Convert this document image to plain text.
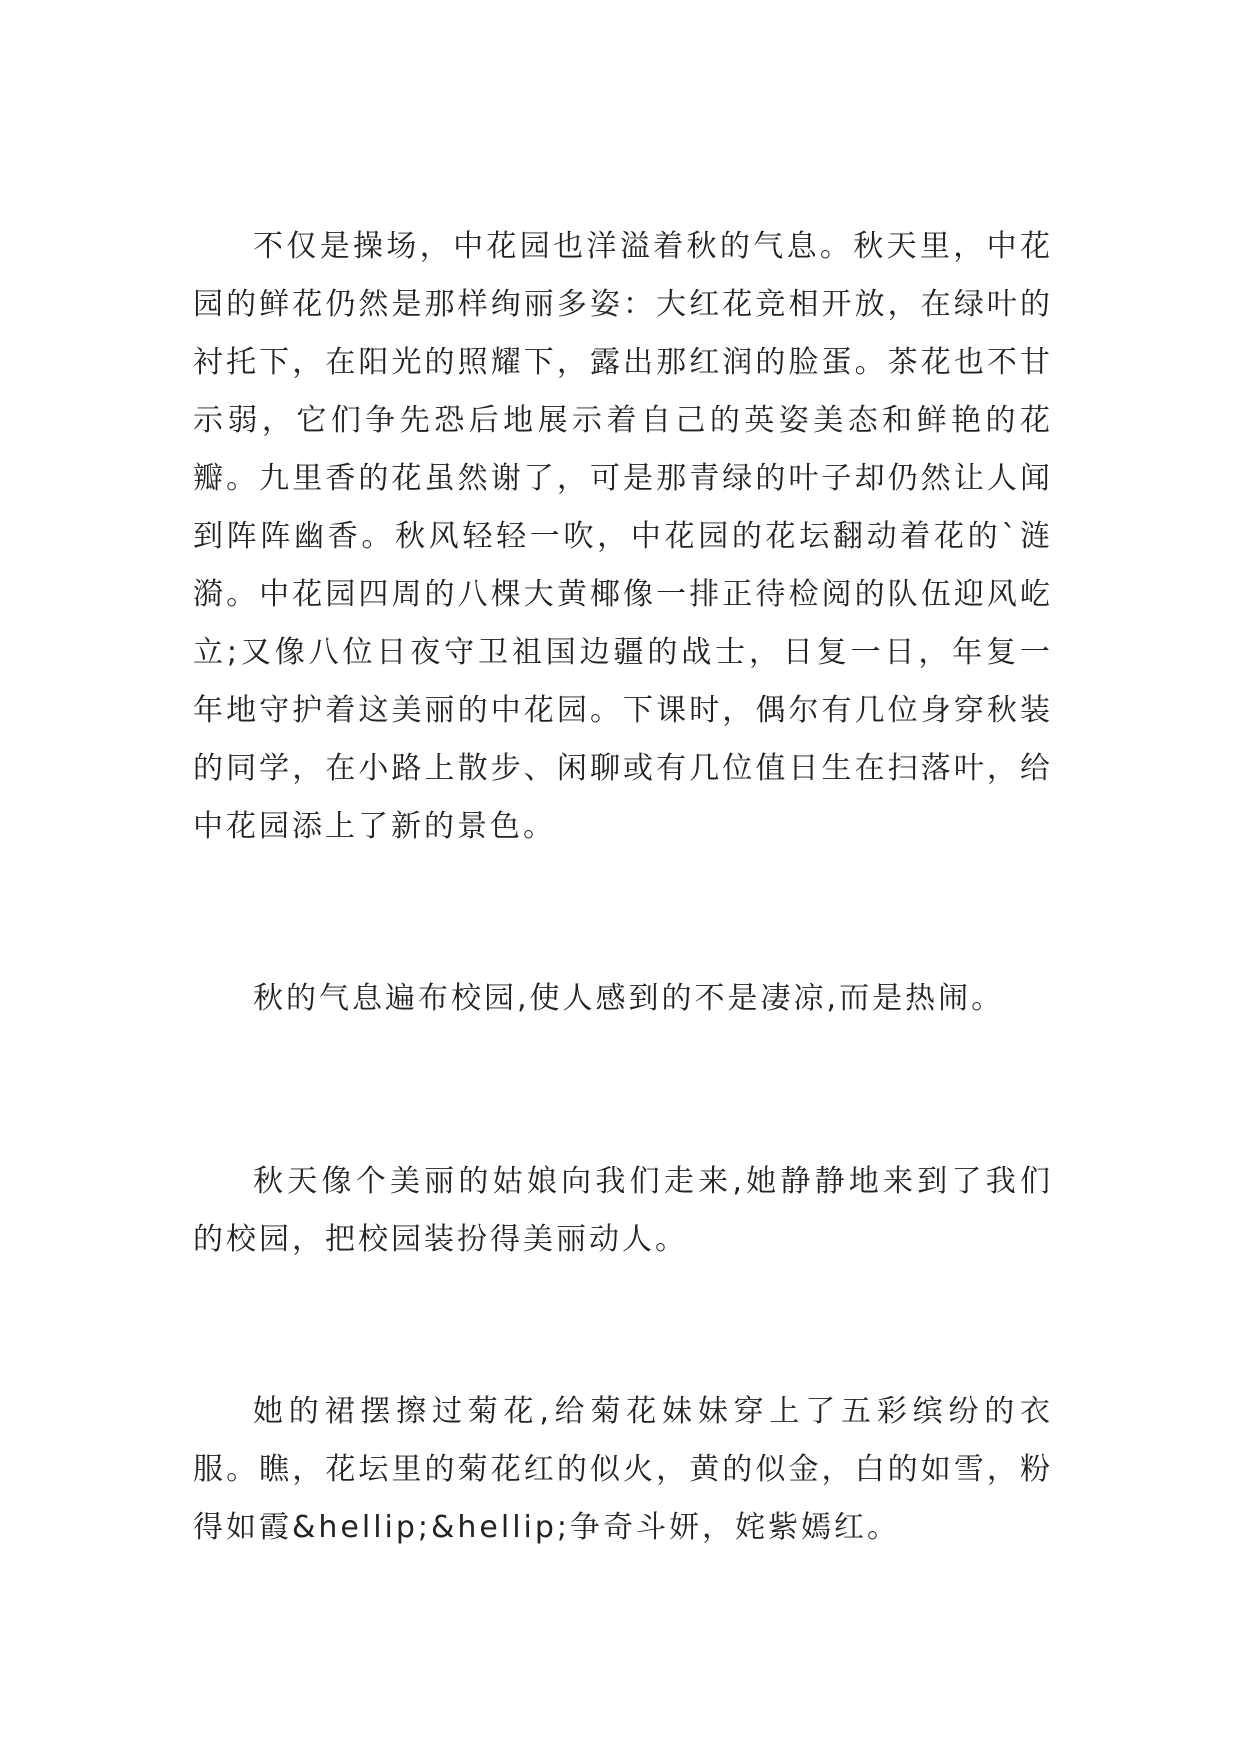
不仅是操场，中花园也洋溢着秋的气息。秋天里，中花园的鲜花仍然是那样绚丽多姿：大红花竞相开放，在绿叶的衬托下，在阳光的照耀下，露出那红润的脸蛋。茶花也不甘示弱，它们争先恐后地展示着自己的英姿美态和鲜艳的花瓣。九里香的花虽然谢了，可是那青绿的叶子却仍然让人闻到阵阵幽香。秋风轻轻一吹，中花园的花坛翻动着花的`涟漪。中花园四周的八棵大黄椰像一排正待检阅的队伍迎风屹立;又像八位日夜守卫祖国边疆的战士，日复一日，年复一年地守护着这美丽的中花园。下课时，偶尔有几位身穿秋装的同学，在小路上散步、闲聊或有几位值日生在扫落叶，给中花园添上了新的景色。

秋的气息遍布校园,使人感到的不是凄凉,而是热闹。

秋天像个美丽的姑娘向我们走来,她静静地来到了我们的校园，把校园装扮得美丽动人。

她的裙摆擦过菊花,给菊花妹妹穿上了五彩缤纷的衣服。瞧，花坛里的菊花红的似火，黄的似金，白的如雪，粉得如霞&hellip;&hellip;争奇斗妍，姹紫嫣红。
